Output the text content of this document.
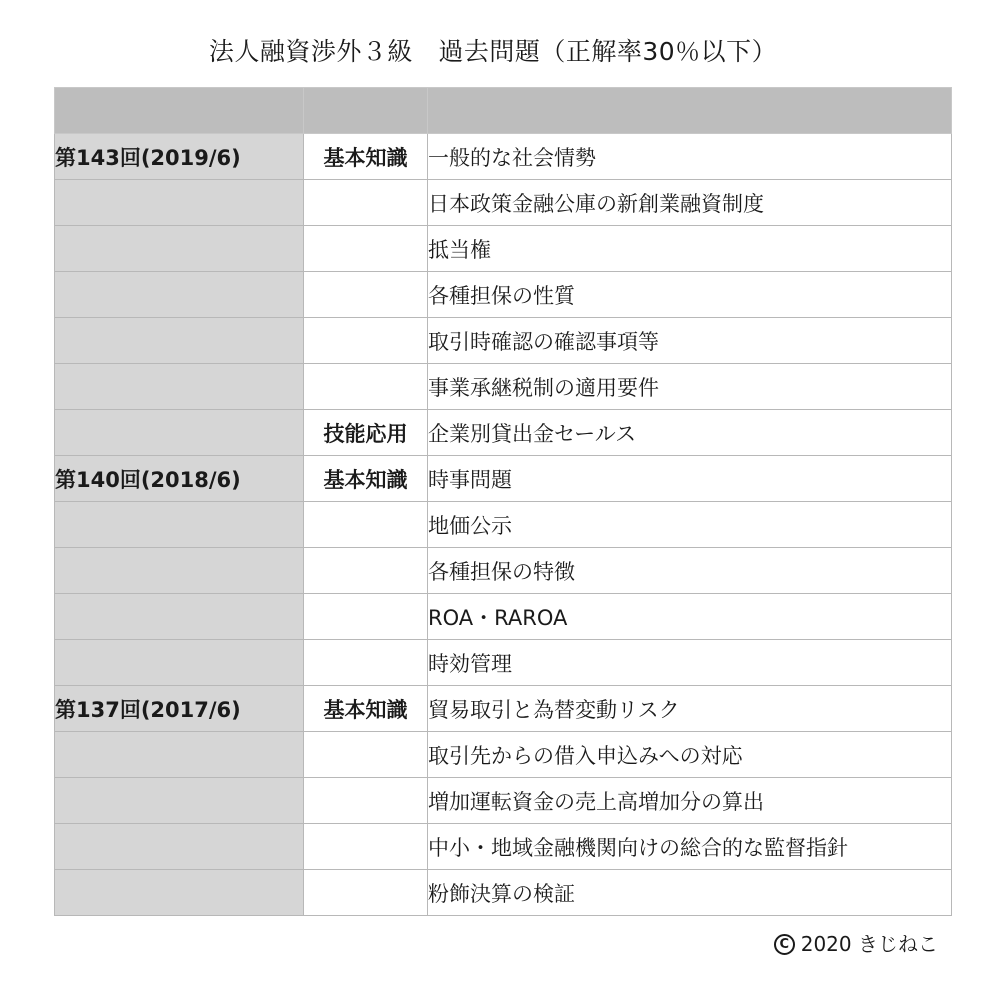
法人融資渉外３級　過去問題（正解率30％以下）

第143回(2019/6)	基本知識	一般的な社会情勢
		日本政策金融公庫の新創業融資制度
		抵当権
		各種担保の性質
		取引時確認の確認事項等
		事業承継税制の適用要件
	技能応用	企業別貸出金セールス
第140回(2018/6)	基本知識	時事問題
		地価公示
		各種担保の特徴
		ROA・RAROA
		時効管理
第137回(2017/6)	基本知識	貿易取引と為替変動リスク
		取引先からの借入申込みへの対応
		増加運転資金の売上高増加分の算出
		中小・地域金融機関向けの総合的な監督指針
		粉飾決算の検証
C 2020 きじねこ
